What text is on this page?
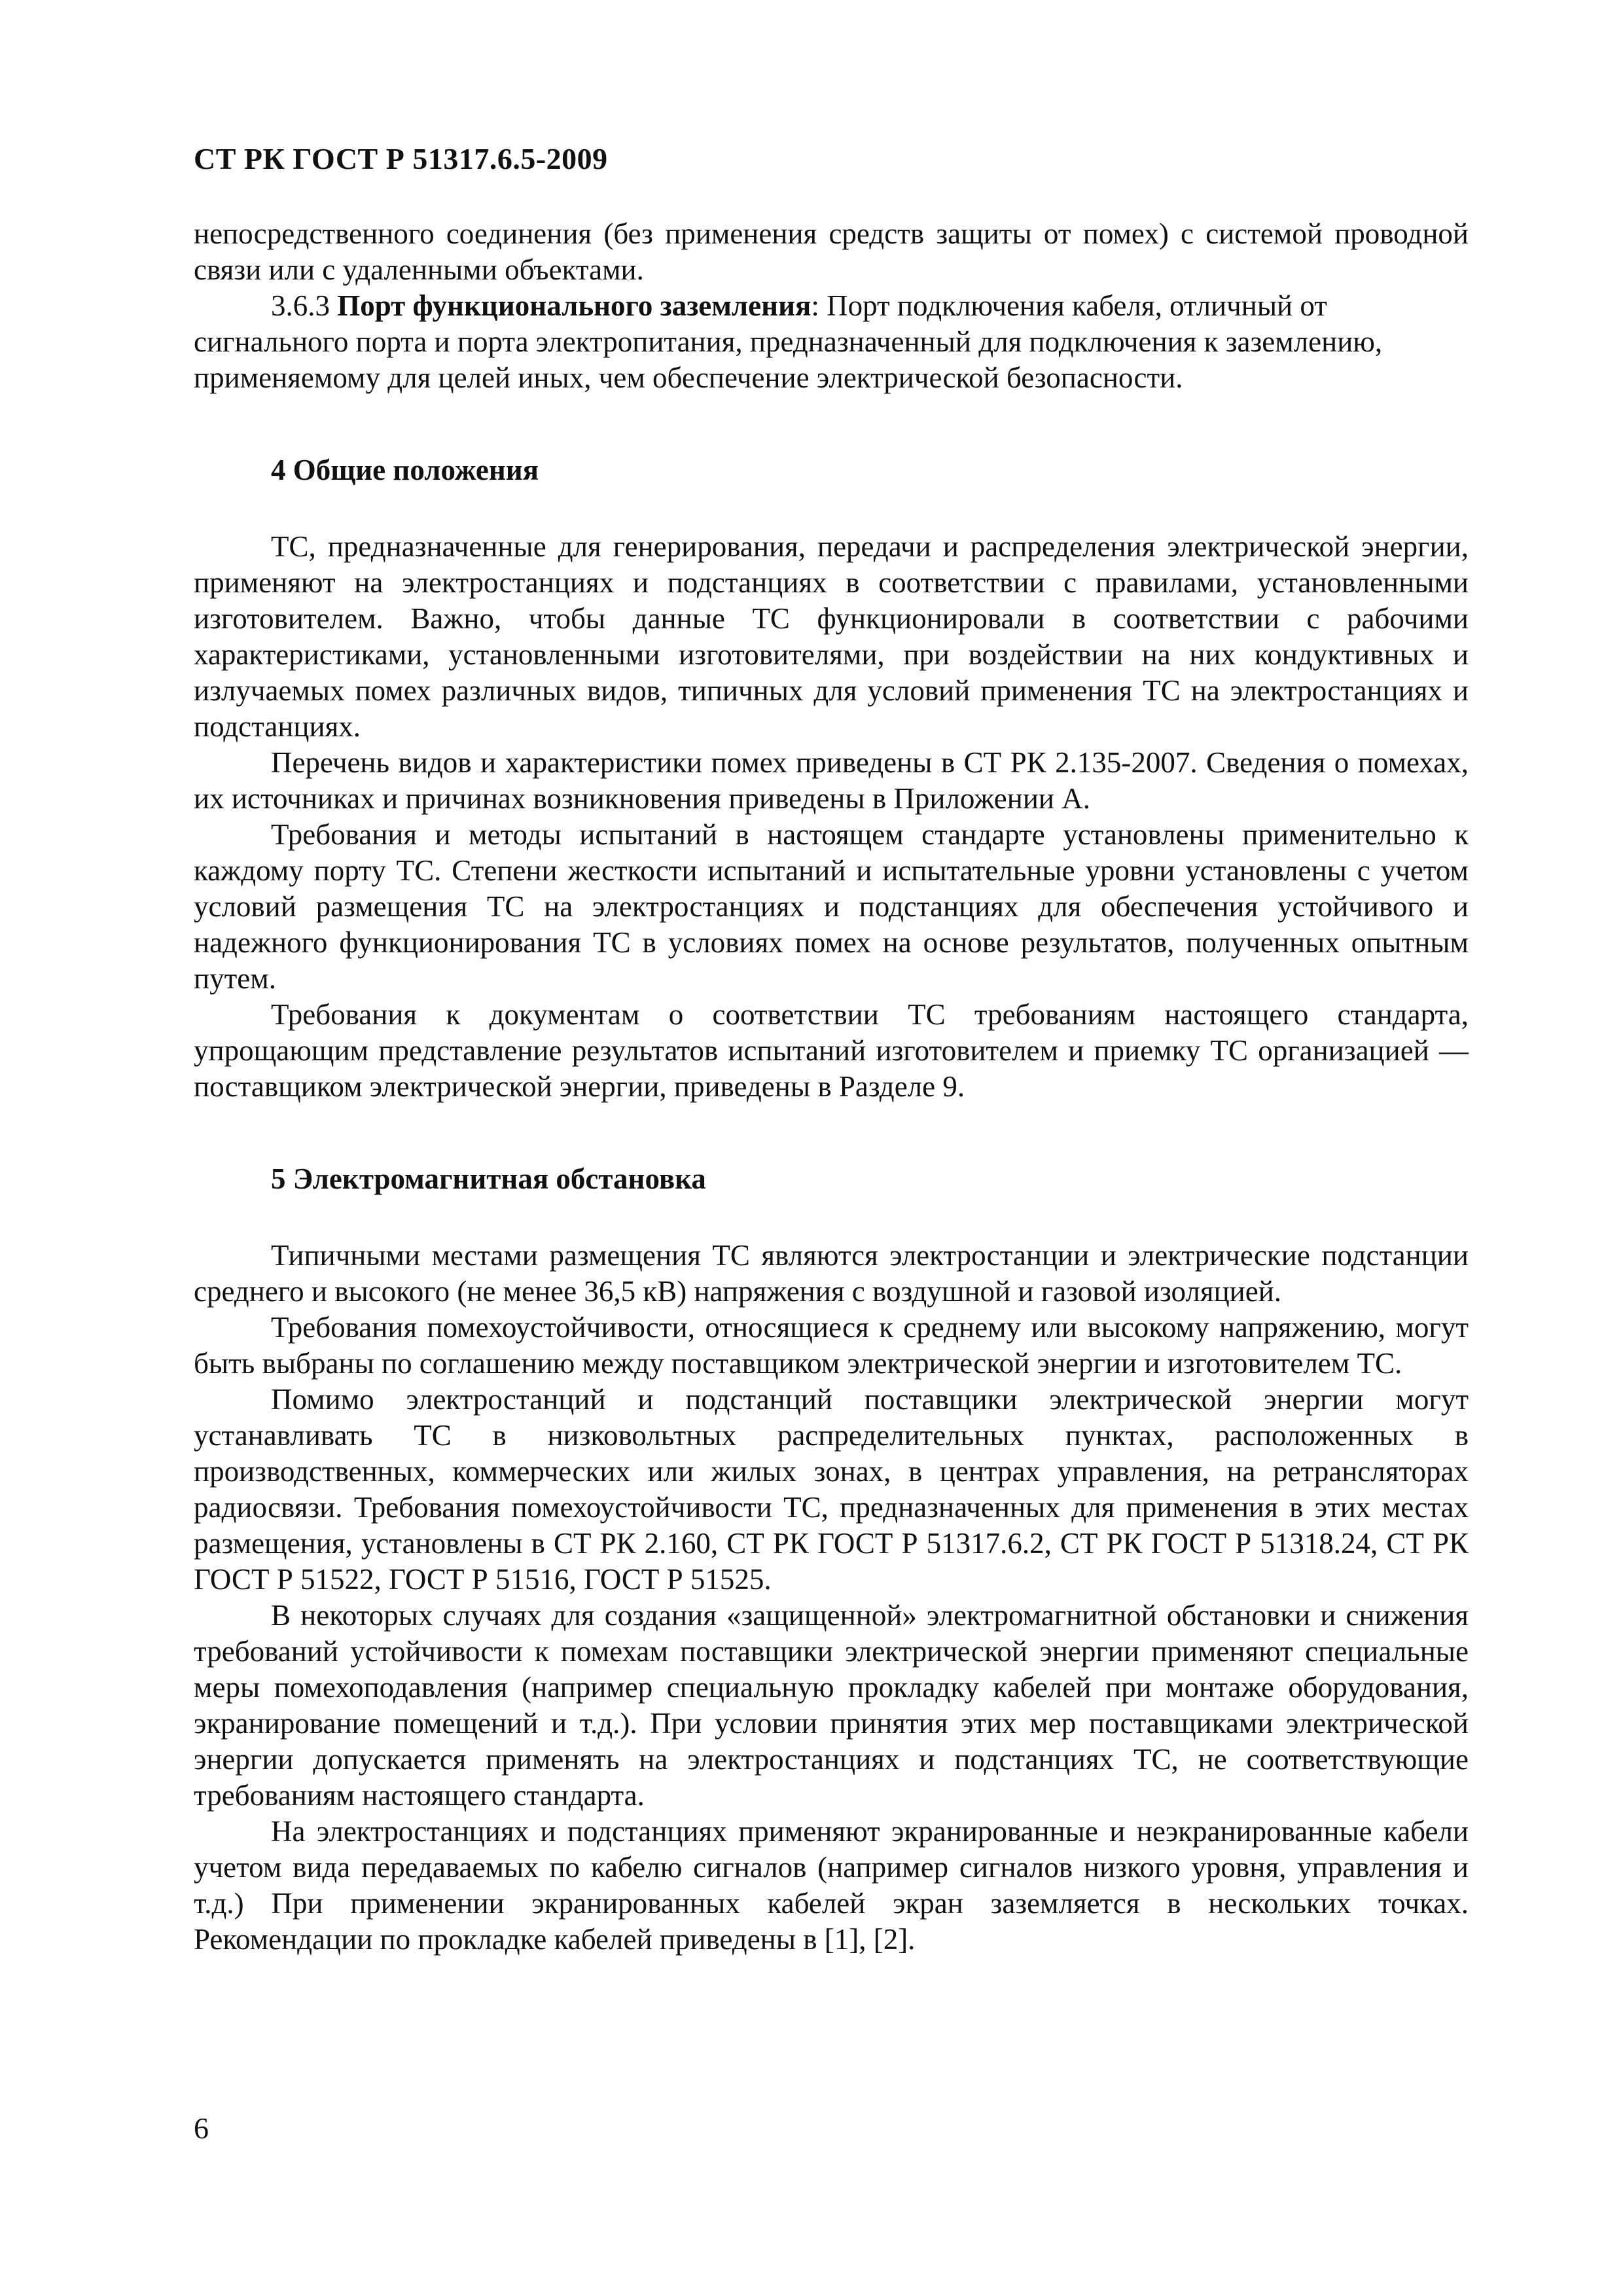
СТ РК ГОСТ Р 51317.6.5-2009

непосредственного соединения (без применения средств защиты от помех) с системой проводной связи или с удаленными объектами.

3.6.3 Порт функционального заземления: Порт подключения кабеля, отличный от сигнального порта и порта электропитания, предназначенный для подключения к заземлению, применяемому для целей иных, чем обеспечение электрической безопасности.

4 Общие положения

ТС, предназначенные для генерирования, передачи и распределения электрической энергии, применяют на электростанциях и подстанциях в соответствии с правилами, установленными изготовителем. Важно, чтобы данные ТС функционировали в соответствии с рабочими характеристиками, установленными изготовителями, при воздействии на них кондуктивных и излучаемых помех различных видов, типичных для условий применения ТС на электростанциях и подстанциях.

Перечень видов и характеристики помех приведены в СТ РК 2.135-2007. Сведения о помехах, их источниках и причинах возникновения приведены в Приложении А.

Требования и методы испытаний в настоящем стандарте установлены применительно к каждому порту ТС. Степени жесткости испытаний и испытательные уровни установлены с учетом условий размещения ТС на электростанциях и подстанциях для обеспечения устойчивого и надежного функционирования ТС в условиях помех на основе результатов, полученных опытным путем.

Требования к документам о соответствии ТС требованиям настоящего стандарта, упрощающим представление результатов испытаний изготовителем и приемку ТС организацией — поставщиком электрической энергии, приведены в Разделе 9.

5 Электромагнитная обстановка

Типичными местами размещения ТС являются электростанции и электрические подстанции среднего и высокого (не менее 36,5 кВ) напряжения с воздушной и газовой изоляцией.

Требования помехоустойчивости, относящиеся к среднему или высокому напряжению, могут быть выбраны по соглашению между поставщиком электрической энергии и изготовителем ТС.

Помимо электростанций и подстанций поставщики электрической энергии могут устанавливать ТС в низковольтных распределительных пунктах, расположенных в производственных, коммерческих или жилых зонах, в центрах управления, на ретрансляторах радиосвязи. Требования помехоустойчивости ТС, предназначенных для применения в этих местах размещения, установлены в СТ РК 2.160, СТ РК ГОСТ Р 51317.6.2, СТ РК ГОСТ Р 51318.24, СТ РК ГОСТ Р 51522, ГОСТ Р 51516, ГОСТ Р 51525.

В некоторых случаях для создания «защищенной» электромагнитной обстановки и снижения требований устойчивости к помехам поставщики электрической энергии применяют специальные меры помехоподавления (например специальную прокладку кабелей при монтаже оборудования, экранирование помещений и т.д.). При условии принятия этих мер поставщиками электрической энергии допускается применять на электростанциях и подстанциях ТС, не соответствующие требованиям настоящего стандарта.

На электростанциях и подстанциях применяют экранированные и неэкранированные кабели учетом вида передаваемых по кабелю сигналов (например сигналов низкого уровня, управления и т.д.) При применении экранированных кабелей экран заземляется в нескольких точках. Рекомендации по прокладке кабелей приведены в [1], [2].

6
